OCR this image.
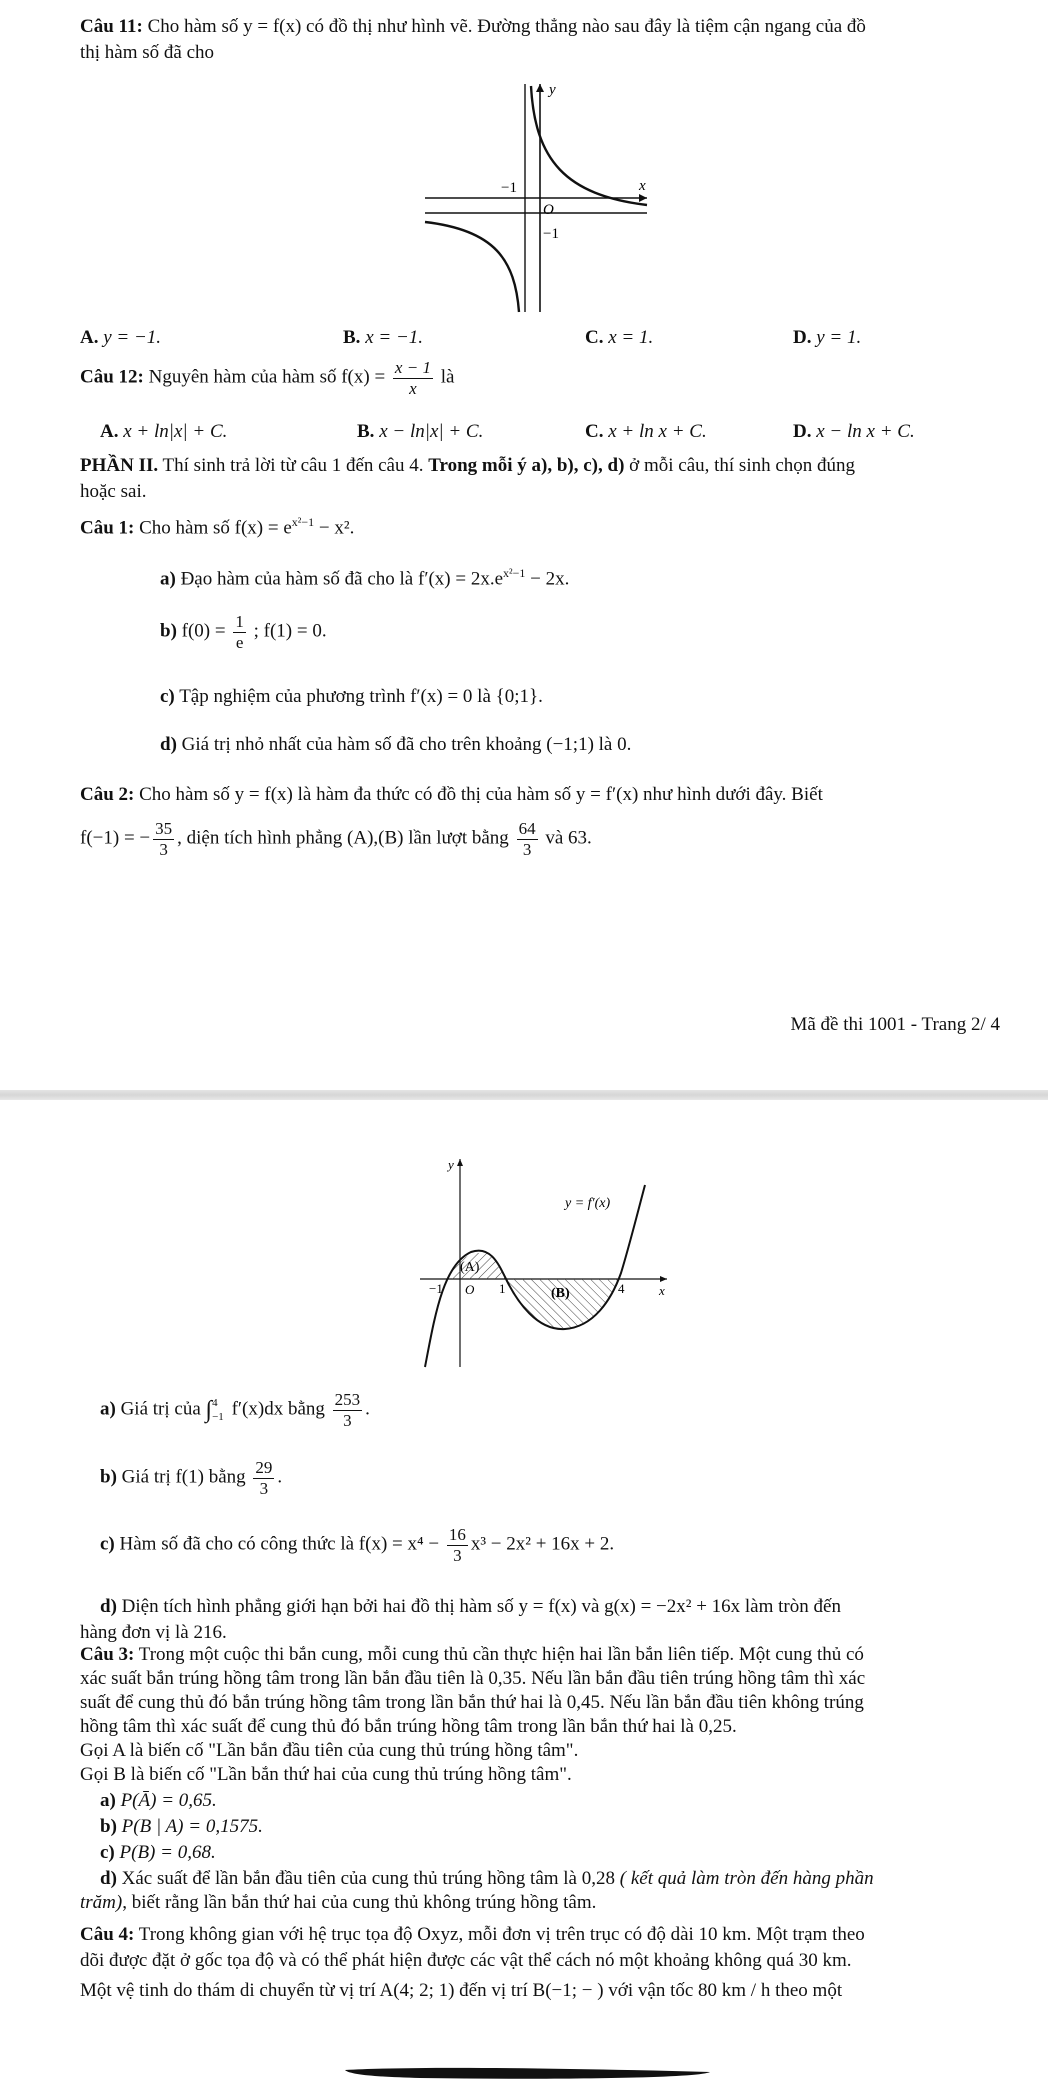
Câu 11: Cho hàm số y = f(x) có đồ thị như hình vẽ. Đường thẳng nào sau đây là tiệm cận ngang của đồ
thị hàm số đã cho
y
x
O
−1
−1
A. y = −1.	B. x = −1.	C. x = 1.	D. y = 1.
Câu 12: Nguyên hàm của hàm số $f(x) = \frac{x - 1}{x}$ là
A. x + ln|x| + C.	B. x − ln|x| + C.	C. x + ln x + C.	D. x − ln x + C.
PHẦN II. Thí sinh trả lời từ câu 1 đến câu 4. Trong mỗi ý a), b), c), d) ở mỗi câu, thí sinh chọn đúng
hoặc sai.
Câu 1: Cho hàm số $f(x) = e^{x^2-1} - x^2$.
a) Đạo hàm của hàm số đã cho là $f'(x) = 2x.e^{x^2-1} - 2x$.
b) $f(0) = \frac{1}{e}$ ; f(1) = 0.
c) Tập nghiệm của phương trình f′(x) = 0 là {0;1}.
d) Giá trị nhỏ nhất của hàm số đã cho trên khoảng (−1;1) là 0.
Câu 2: Cho hàm số y = f(x) là hàm đa thức có đồ thị của hàm số y = f′(x) như hình dưới đây. Biết
f(−1) = − $\frac{35}{3}$ , diện tích hình phẳng (A),(B) lần lượt bằng $\frac{64}{3}$ và 63.
Mã đề thi 1001 - Trang 2/ 4
y
x
y = f′(x)
(A)
(B)
O
−1	1	4
a) Giá trị của ∫ 4
−1 f′(x)dx bằng $\frac{253}{3}$ .
b) Giá trị f(1) bằng $\frac{29}{3}$ .
c) Hàm số đã cho có công thức là $f(x) = x^4 - \frac{16}{3} x^3 - 2x^2 + 16x + 2$.
d) Diện tích hình phẳng giới hạn bởi hai đồ thị hàm số y = f(x) và g(x) = −2x² + 16x làm tròn đến
hàng đơn vị là 216.
Câu 3: Trong một cuộc thi bắn cung, mỗi cung thủ cần thực hiện hai lần bắn liên tiếp. Một cung thủ có
xác suất bắn trúng hồng tâm trong lần bắn đầu tiên là 0,35. Nếu lần bắn đầu tiên trúng hồng tâm thì xác
suất để cung thủ đó bắn trúng hồng tâm trong lần bắn thứ hai là 0,45. Nếu lần bắn đầu tiên không trúng
hồng tâm thì xác suất để cung thủ đó bắn trúng hồng tâm trong lần bắn thứ hai là 0,25.
Gọi A là biến cố "Lần bắn đầu tiên của cung thủ trúng hồng tâm".
Gọi B là biến cố "Lần bắn thứ hai của cung thủ trúng hồng tâm".
a) P(Ā) = 0,65.
b) P(B | A) = 0,1575.
c) P(B) = 0,68.
d) Xác suất để lần bắn đầu tiên của cung thủ trúng hồng tâm là 0,28 ( kết quả làm tròn đến hàng phần
trăm), biết rằng lần bắn thứ hai của cung thủ không trúng hồng tâm.
Câu 4: Trong không gian với hệ trục tọa độ Oxyz, mỗi đơn vị trên trục có độ dài 10 km. Một trạm theo
dõi được đặt ở gốc tọa độ và có thể phát hiện được các vật thể cách nó một khoảng không quá 30 km.
Một vệ tinh do thám di chuyển từ vị trí A(4; 2; 1) đến vị trí B(−1; − ) với vận tốc 80 km / h theo một
